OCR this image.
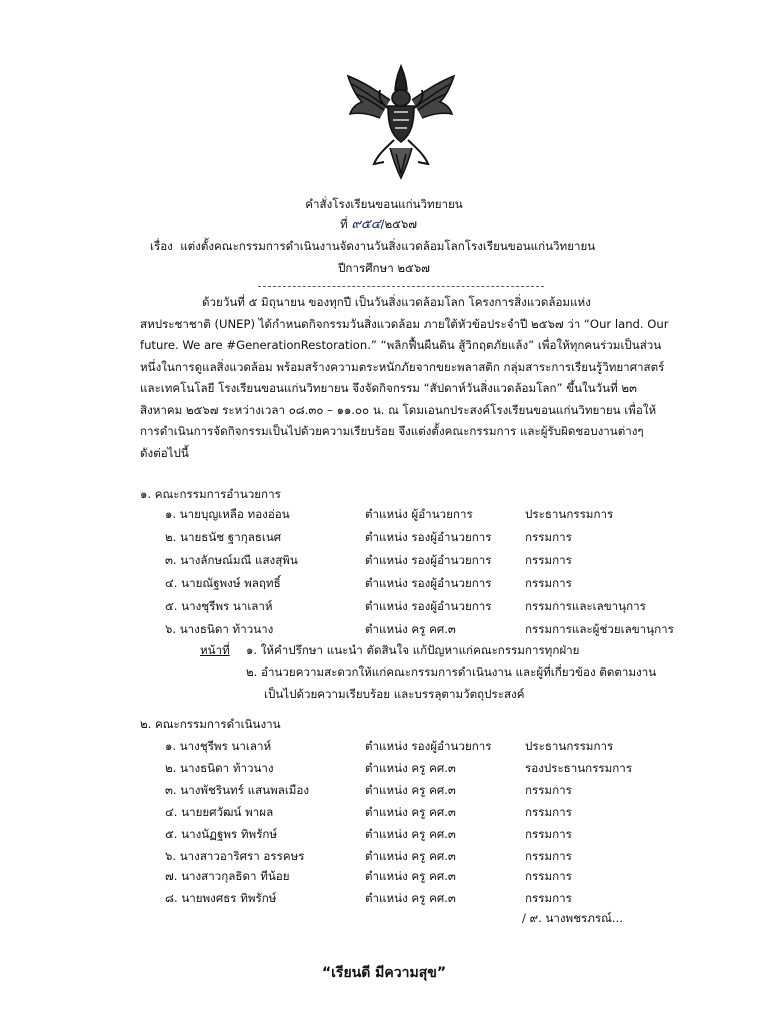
คำสั่งโรงเรียนขอนแก่นวิทยายน
ที่ ๙๕๔/๒๕๖๗
เรื่อง แต่งตั้งคณะกรรมการดำเนินงานจัดงานวันสิ่งแวดล้อมโลกโรงเรียนขอนแก่นวิทยายน
ปีการศึกษา ๒๕๖๗
ด้วยวันที่ ๕ มิถุนายน ของทุกปี เป็นวันสิ่งแวดล้อมโลก โครงการสิ่งแวดล้อมแห่ง
สหประชาชาติ (UNEP) ได้กำหนดกิจกรรมวันสิ่งแวดล้อม ภายใต้หัวข้อประจำปี ๒๕๖๗ ว่า “Our land. Our
future. We are #GenerationRestoration.” “พลิกฟื้นผืนดิน สู้วิกฤตภัยแล้ง” เพื่อให้ทุกคนร่วมเป็นส่วน
หนึ่งในการดูแลสิ่งแวดล้อม พร้อมสร้างความตระหนักภัยจากขยะพลาสติก กลุ่มสาระการเรียนรู้วิทยาศาสตร์
และเทคโนโลยี โรงเรียนขอนแก่นวิทยายน จึงจัดกิจกรรม “สัปดาห์วันสิ่งแวดล้อมโลก” ขึ้นในวันที่ ๒๓
สิงหาคม ๒๕๖๗ ระหว่างเวลา ๐๘.๓๐ – ๑๑.๐๐ น. ณ โดมเอนกประสงค์โรงเรียนขอนแก่นวิทยายน เพื่อให้
การดำเนินการจัดกิจกรรมเป็นไปด้วยความเรียบร้อย จึงแต่งตั้งคณะกรรมการ และผู้รับผิดชอบงานต่างๆ
ดังต่อไปนี้
๑. คณะกรรมการอำนวยการ
๑. นายบุญเหลือ ทองอ่อน	ตำแหน่ง ผู้อำนวยการ	ประธานกรรมการ
๒. นายธนัช ฐากุลธเนศ	ตำแหน่ง รองผู้อำนวยการ	กรรมการ
๓. นางลักษณ์มณี แสงสุพิน	ตำแหน่ง รองผู้อำนวยการ	กรรมการ
๔. นายณัฐพงษ์ พลฤทธิ์	ตำแหน่ง รองผู้อำนวยการ	กรรมการ
๕. นางชุรีพร นาเลาห์	ตำแหน่ง รองผู้อำนวยการ	กรรมการและเลขานุการ
๖. นางธนิดา ท้าวนาง	ตำแหน่ง ครู คศ.๓	กรรมการและผู้ช่วยเลขานุการ
หน้าที่ ๑. ให้คำปรึกษา แนะนำ ตัดสินใจ แก้ปัญหาแก่คณะกรรมการทุกฝ่าย
๒. อำนวยความสะดวกให้แก่คณะกรรมการดำเนินงาน และผู้ที่เกี่ยวข้อง ติดตามงาน
เป็นไปด้วยความเรียบร้อย และบรรลุตามวัตถุประสงค์
๒. คณะกรรมการดำเนินงาน
๑. นางชุรีพร นาเลาห์	ตำแหน่ง รองผู้อำนวยการ	ประธานกรรมการ
๒. นางธนิดา ท้าวนาง	ตำแหน่ง ครู คศ.๓	รองประธานกรรมการ
๓. นางพัชรินทร์ แสนพลเมือง	ตำแหน่ง ครู คศ.๓	กรรมการ
๔. นายยศวัฒน์ พาผล	ตำแหน่ง ครู คศ.๓	กรรมการ
๕. นางนัฏฐพร ทิพรักษ์	ตำแหน่ง ครู คศ.๓	กรรมการ
๖. นางสาวอาริศรา อรรคษร	ตำแหน่ง ครู คศ.๓	กรรมการ
๗. นางสาวกุลธิดา ทีน้อย	ตำแหน่ง ครู คศ.๓	กรรมการ
๘. นายพงศธร ทิพรักษ์	ตำแหน่ง ครู คศ.๓	กรรมการ
/ ๙. นางพชรภรณ์...
“เรียนดี มีความสุข”
